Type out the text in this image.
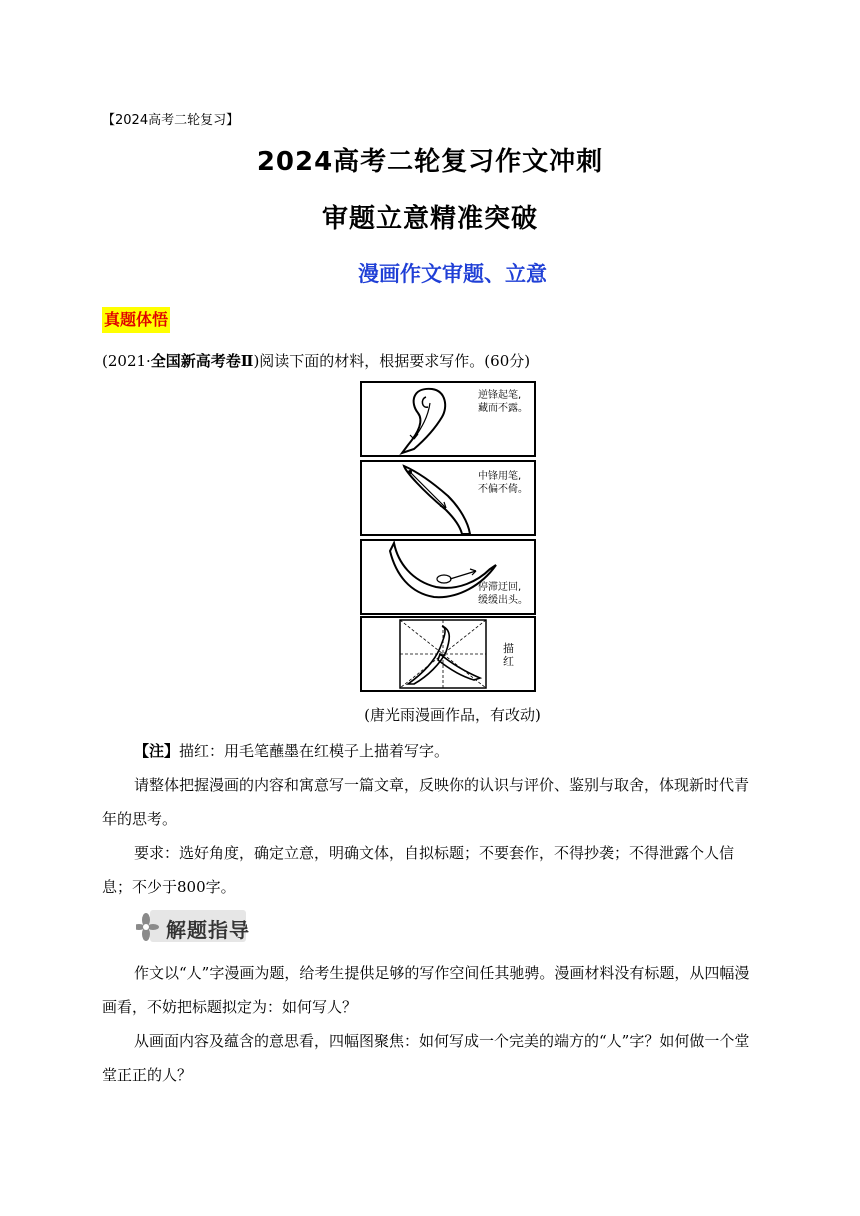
【2024高考二轮复习】
2024高考二轮复习作文冲刺
审题立意精准突破
漫画作文审题、立意
真题体悟
(2021·全国新高考卷Ⅱ)阅读下面的材料，根据要求写作。(60分)
逆锋起笔,
藏而不露。
中锋用笔,
不偏不倚。
停滞迂回,
缓缓出头。
描
红
(唐光雨漫画作品，有改动)
【注】描红：用毛笔蘸墨在红模子上描着写字。
请整体把握漫画的内容和寓意写一篇文章，反映你的认识与评价、鉴别与取舍，体现新时代青年的思考。
要求：选好角度，确定立意，明确文体，自拟标题；不要套作，不得抄袭；不得泄露个人信息；不少于800字。
解题指导
作文以“人”字漫画为题，给考生提供足够的写作空间任其驰骋。漫画材料没有标题，从四幅漫画看，不妨把标题拟定为：如何写人？
从画面内容及蕴含的意思看，四幅图聚焦：如何写成一个完美的端方的“人”字？如何做一个堂堂正正的人？
